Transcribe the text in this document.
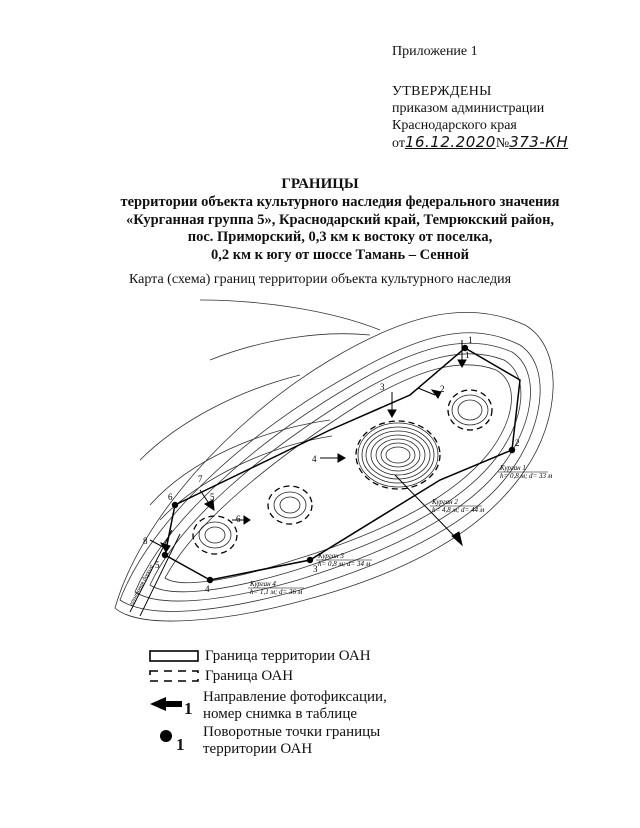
Приложение 1
УТВЕРЖДЕНЫ
приказом администрации
Краснодарского края
от16.12.2020№373-КН
ГРАНИЦЫ
территории объекта культурного наследия федерального значения
«Курганная группа 5», Краснодарский край, Темрюкский район,
пос. Приморский, 0,3 км к востоку от поселка,
0,2 км к югу от шоссе Тамань – Сенной
Карта (схема) границ территории объекта культурного наследия
1
2
3
4
5
6
1
2
3
4
5
6
7
8
Курган 1
h= 0,8 м; d= 33 м
Курган 2
h= 4,8 м; d= 44 м
Курган 3
h= 0,8 м; d= 34 м
Курган 4
h= 1,1 м; d= 36 м
грунтовая дорога
Граница территории ОАН
Граница ОАН
1
Направление фотофиксации,
номер снимка в таблице
1
Поворотные точки границы
территории ОАН
